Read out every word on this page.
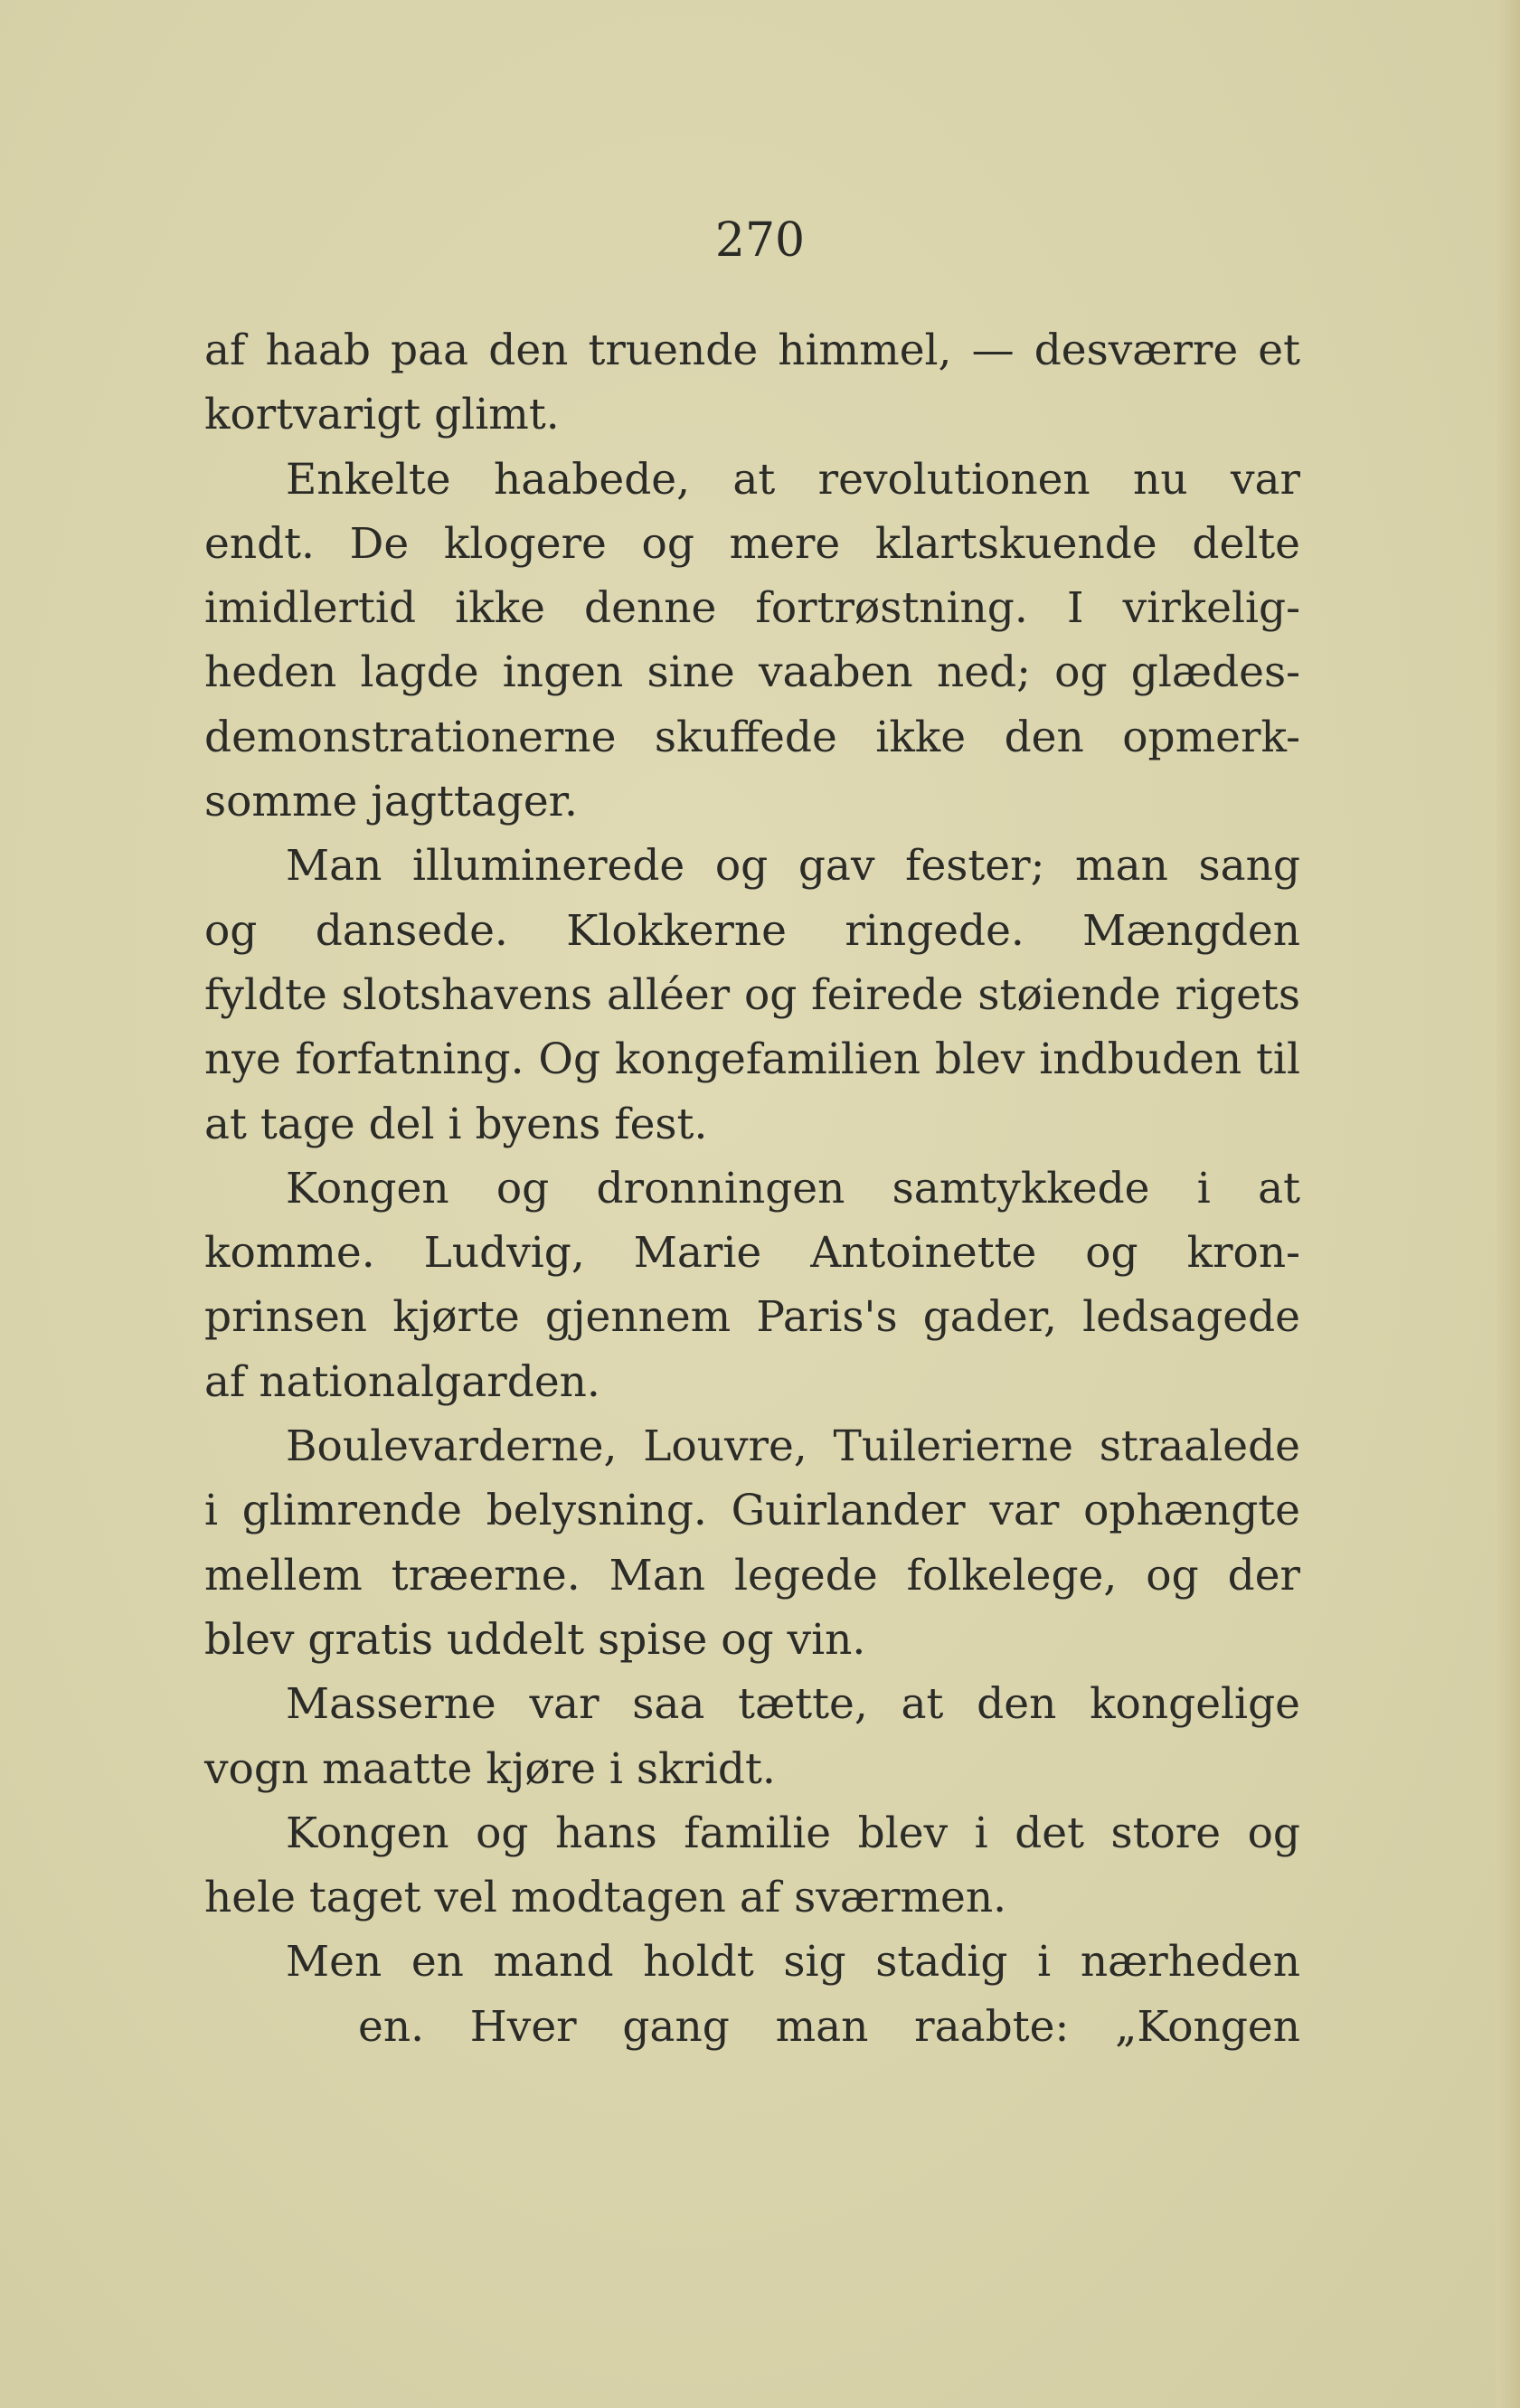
270

af haab paa den truende himmel, — desværre et
kortvarigt glimt.
Enkelte haabede, at revolutionen nu var
endt. De klogere og mere klartskuende delte
imidlertid ikke denne fortrøstning. I virkelig-
heden lagde ingen sine vaaben ned; og glædes-
demonstrationerne skuffede ikke den opmerk-
somme jagttager.
Man illuminerede og gav fester; man sang
og dansede. Klokkerne ringede. Mængden
fyldte slotshavens alléer og feirede støiende rigets
nye forfatning. Og kongefamilien blev indbuden til
at tage del i byens fest.
Kongen og dronningen samtykkede i at
komme. Ludvig, Marie Antoinette og kron-
prinsen kjørte gjennem Paris's gader, ledsagede
af nationalgarden.
Boulevarderne, Louvre, Tuilerierne straalede
i glimrende belysning. Guirlander var ophængte
mellem træerne. Man legede folkelege, og der
blev gratis uddelt spise og vin.
Masserne var saa tætte, at den kongelige
vogn maatte kjøre i skridt.
Kongen og hans familie blev i det store og
hele taget vel modtagen af sværmen.
Men en mand holdt sig stadig i nærheden
en. Hver gang man raabte: „Kongen
